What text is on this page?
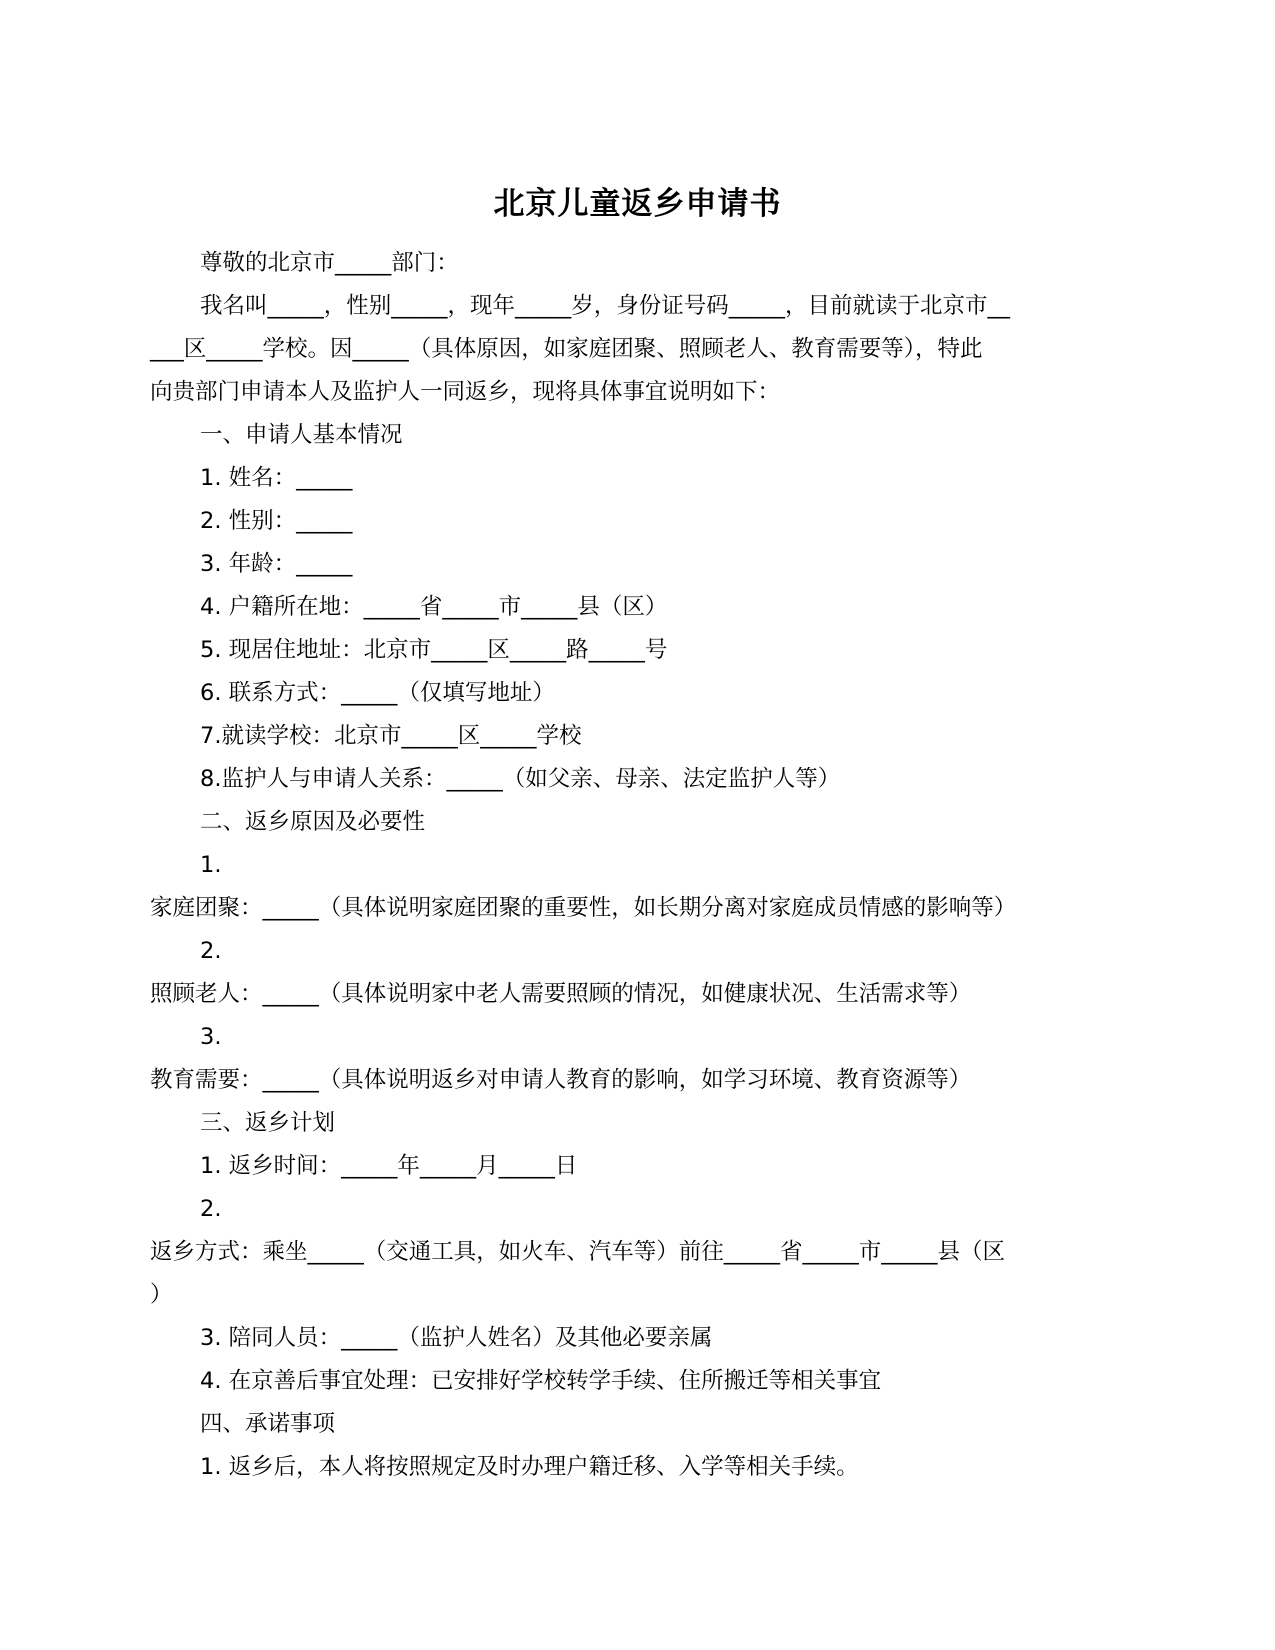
北京儿童返乡申请书
尊敬的北京市_____部门：
我名叫_____，性别_____，现年_____岁，身份证号码_____，目前就读于北京市__
___区_____学校。因_____（具体原因，如家庭团聚、照顾老人、教育需要等），特此
向贵部门申请本人及监护人一同返乡，现将具体事宜说明如下：
一、申请人基本情况
1. 姓名：_____
2. 性别：_____
3. 年龄：_____
4. 户籍所在地：_____省_____市_____县（区）
5. 现居住地址：北京市_____区_____路_____号
6. 联系方式：_____（仅填写地址）
7.就读学校：北京市_____区_____学校
8.监护人与申请人关系：_____（如父亲、母亲、法定监护人等）
二、返乡原因及必要性
1.
家庭团聚：_____（具体说明家庭团聚的重要性，如长期分离对家庭成员情感的影响等）
2.
照顾老人：_____（具体说明家中老人需要照顾的情况，如健康状况、生活需求等）
3.
教育需要：_____（具体说明返乡对申请人教育的影响，如学习环境、教育资源等）
三、返乡计划
1. 返乡时间：_____年_____月_____日
2.
返乡方式：乘坐_____（交通工具，如火车、汽车等）前往_____省_____市_____县（区
）
3. 陪同人员：_____（监护人姓名）及其他必要亲属
4. 在京善后事宜处理：已安排好学校转学手续、住所搬迁等相关事宜
四、承诺事项
1. 返乡后，本人将按照规定及时办理户籍迁移、入学等相关手续。
